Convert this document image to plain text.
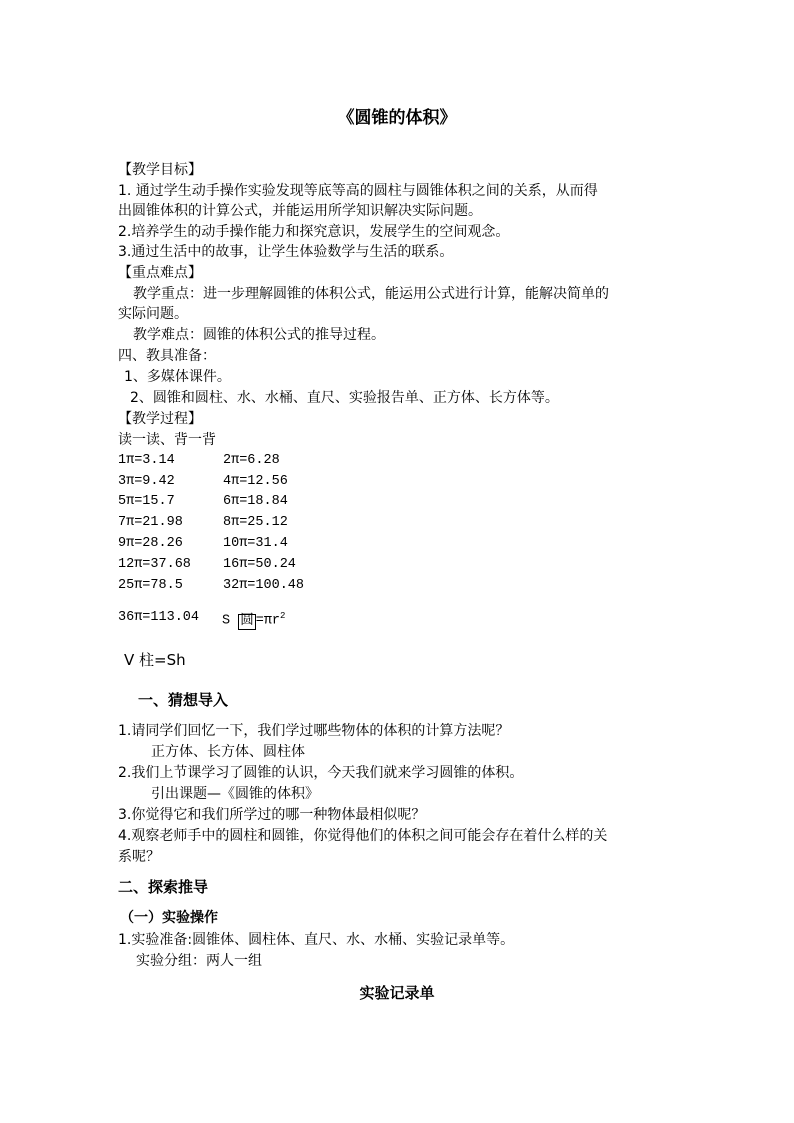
《圆锥的体积》
【教学目标】
1. 通过学生动手操作实验发现等底等高的圆柱与圆锥体积之间的关系，从而得
出圆锥体积的计算公式，并能运用所学知识解决实际问题。
2.培养学生的动手操作能力和探究意识，发展学生的空间观念。
3.通过生活中的故事，让学生体验数学与生活的联系。
【重点难点】
教学重点：进一步理解圆锥的体积公式，能运用公式进行计算，能解决简单的
实际问题。
教学难点：圆锥的体积公式的推导过程。
四、教具准备：
1、多媒体课件。
2、圆锥和圆柱、水、水桶、直尺、实验报告单、正方体、长方体等。
【教学过程】
读一读、背一背
1π=3.14	2π=6.28
3π=9.42	4π=12.56
5π=15.7	6π=18.84
7π=21.98	8π=25.12
9π=28.26	10π=31.4
12π=37.68 16π=50.24
25π=78.5	32π=100.48
36π=113.04 S 圆 $=\pi r^2$
V 柱=Sh
一、猜想导入
1.请同学们回忆一下，我们学过哪些物体的体积的计算方法呢？
正方体、长方体、圆柱体
2.我们上节课学习了圆锥的认识，今天我们就来学习圆锥的体积。
引出课题—《圆锥的体积》
3.你觉得它和我们所学过的哪一种物体最相似呢？
4.观察老师手中的圆柱和圆锥，你觉得他们的体积之间可能会存在着什么样的关
系呢？
二、探索推导
（一）实验操作
1.实验准备:圆锥体、圆柱体、直尺、水、水桶、实验记录单等。
实验分组：两人一组
实验记录单
